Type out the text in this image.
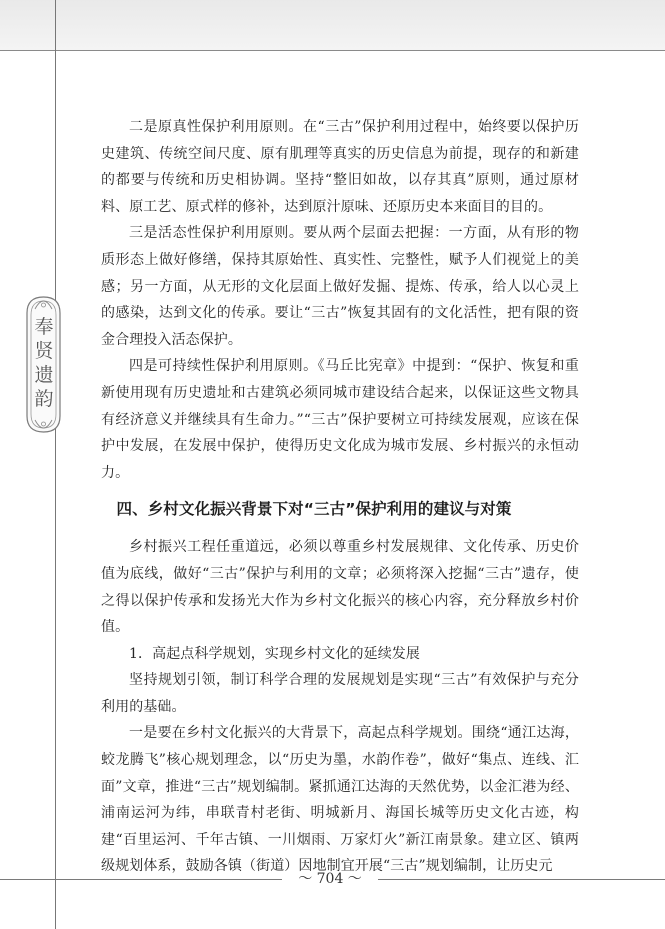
奉
贤
遗
韵

二是原真性保护利用原则。在“三古”保护利用过程中，始终要以保护历史建筑、传统空间尺度、原有肌理等真实的历史信息为前提，现存的和新建的都要与传统和历史相协调。坚持“整旧如故，以存其真”原则，通过原材料、原工艺、原式样的修补，达到原汁原味、还原历史本来面目的目的。

三是活态性保护利用原则。要从两个层面去把握：一方面，从有形的物质形态上做好修缮，保持其原始性、真实性、完整性，赋予人们视觉上的美感；另一方面，从无形的文化层面上做好发掘、提炼、传承，给人以心灵上的感染，达到文化的传承。要让“三古”恢复其固有的文化活性，把有限的资金合理投入活态保护。

四是可持续性保护利用原则。《马丘比宪章》中提到：“保护、恢复和重新使用现有历史遗址和古建筑必须同城市建设结合起来，以保证这些文物具有经济意义并继续具有生命力。”“三古”保护要树立可持续发展观，应该在保护中发展，在发展中保护，使得历史文化成为城市发展、乡村振兴的永恒动力。

四、乡村文化振兴背景下对“三古”保护利用的建议与对策

乡村振兴工程任重道远，必须以尊重乡村发展规律、文化传承、历史价值为底线，做好“三古”保护与利用的文章；必须将深入挖掘“三古”遗存，使之得以保护传承和发扬光大作为乡村文化振兴的核心内容，充分释放乡村价值。

1．高起点科学规划，实现乡村文化的延续发展

坚持规划引领，制订科学合理的发展规划是实现“三古”有效保护与充分利用的基础。

一是要在乡村文化振兴的大背景下，高起点科学规划。围绕“通江达海，蛟龙腾飞”核心规划理念，以“历史为墨，水韵作卷”，做好“集点、连线、汇面”文章，推进“三古”规划编制。紧抓通江达海的天然优势，以金汇港为经、浦南运河为纬，串联青村老街、明城新月、海国长城等历史文化古迹，构建“百里运河、千年古镇、一川烟雨、万家灯火”新江南景象。建立区、镇两级规划体系，鼓励各镇（街道）因地制宜开展“三古”规划编制，让历史元

～ 704 ～
